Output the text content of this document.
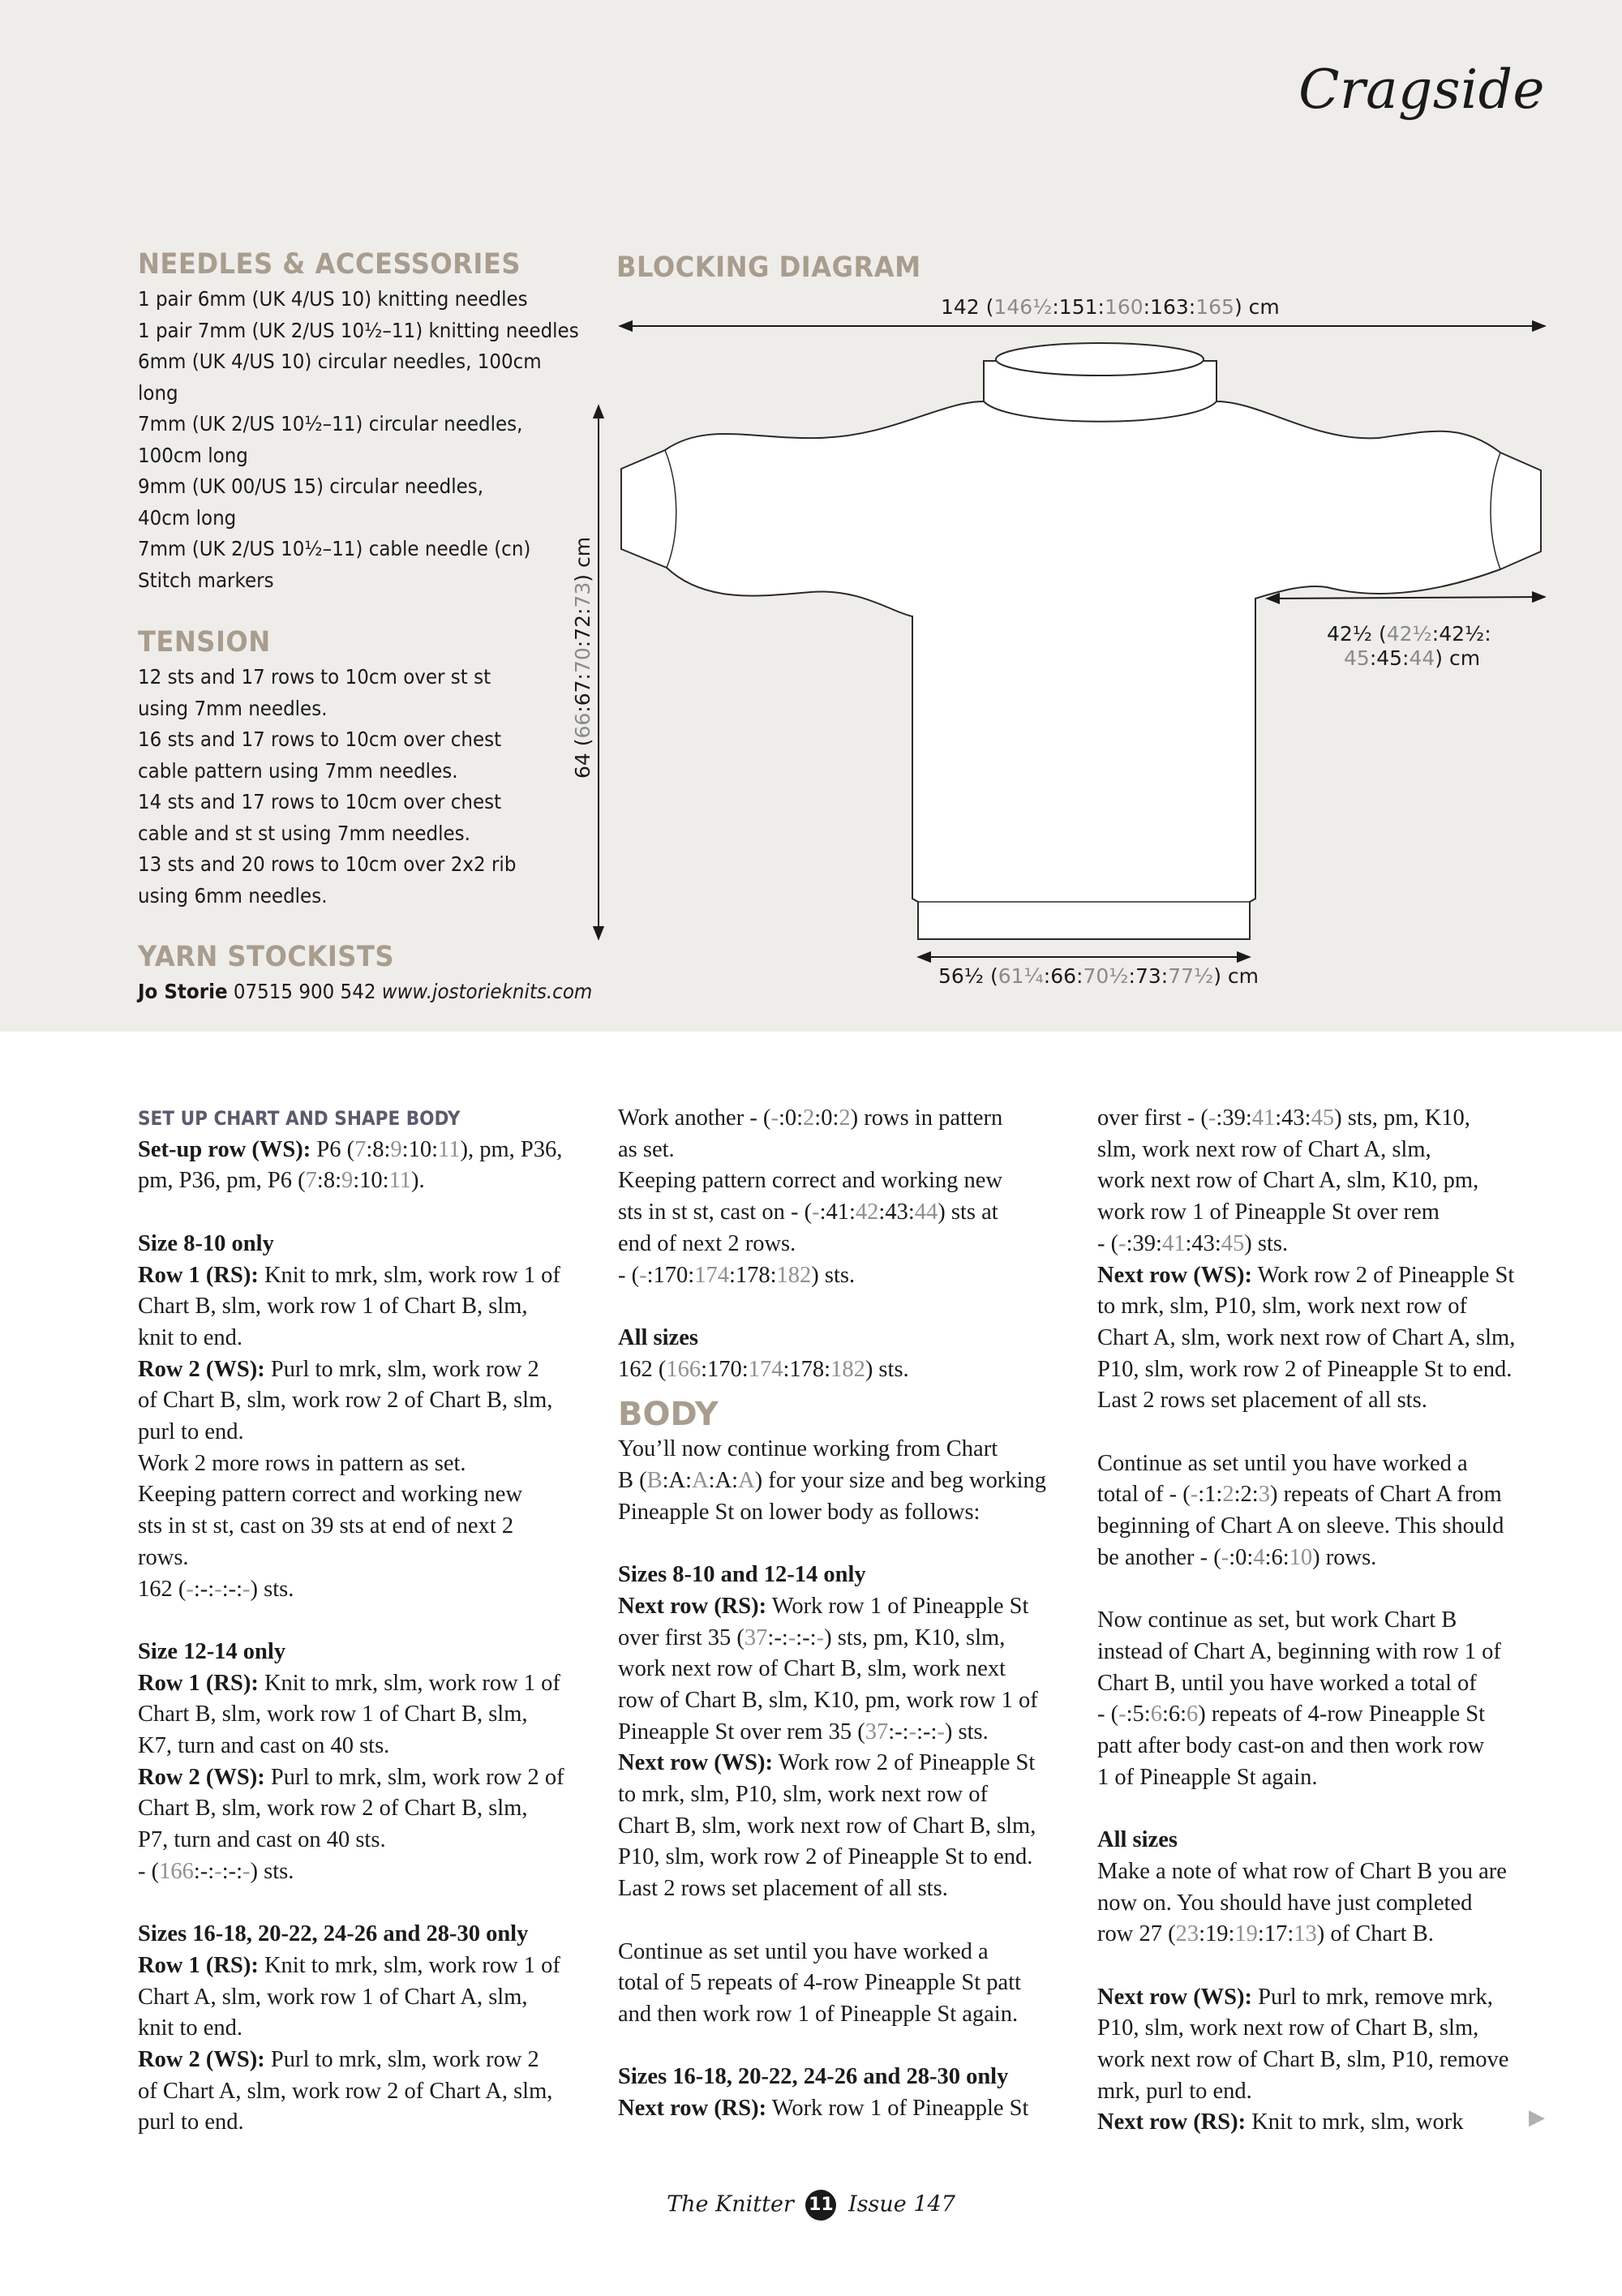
Cragside
NEEDLES & ACCESSORIES
1 pair 6mm (UK 4/US 10) knitting needles
1 pair 7mm (UK 2/US 10½–11) knitting needles
6mm (UK 4/US 10) circular needles, 100cm
long
7mm (UK 2/US 10½–11) circular needles,
100cm long
9mm (UK 00/US 15) circular needles,
40cm long
7mm (UK 2/US 10½–11) cable needle (cn)
Stitch markers
TENSION
12 sts and 17 rows to 10cm over st st
using 7mm needles.
16 sts and 17 rows to 10cm over chest
cable pattern using 7mm needles.
14 sts and 17 rows to 10cm over chest
cable and st st using 7mm needles.
13 sts and 20 rows to 10cm over 2x2 rib
using 6mm needles.
YARN STOCKISTS
Jo Storie 07515 900 542 www.jostorieknits.com
BLOCKING DIAGRAM
142 (146½:151:160:163:165) cm
64 (66:67:70:72:73) cm
42½ (42½:42½:
45:45:44) cm
56½ (61¼:66:70½:73:77½) cm
SET UP CHART AND SHAPE BODY

Set-up row (WS): P6 (7:8:9:10:11), pm, P36,
pm, P36, pm, P6 (7:8:9:10:11).

Size 8-10 only
Row 1 (RS): Knit to mrk, slm, work row 1 of
Chart B, slm, work row 1 of Chart B, slm,
knit to end.
Row 2 (WS): Purl to mrk, slm, work row 2
of Chart B, slm, work row 2 of Chart B, slm,
purl to end.
Work 2 more rows in pattern as set.
Keeping pattern correct and working new
sts in st st, cast on 39 sts at end of next 2
rows.
162 (-:-:-:-:-) sts.

Size 12-14 only
Row 1 (RS): Knit to mrk, slm, work row 1 of
Chart B, slm, work row 1 of Chart B, slm,
K7, turn and cast on 40 sts.
Row 2 (WS): Purl to mrk, slm, work row 2 of
Chart B, slm, work row 2 of Chart B, slm,
P7, turn and cast on 40 sts.
- (166:-:-:-:-) sts.

Sizes 16-18, 20-22, 24-26 and 28-30 only
Row 1 (RS): Knit to mrk, slm, work row 1 of
Chart A, slm, work row 1 of Chart A, slm,
knit to end.
Row 2 (WS): Purl to mrk, slm, work row 2
of Chart A, slm, work row 2 of Chart A, slm,
purl to end.

Work another - (-:0:2:0:2) rows in pattern
as set.
Keeping pattern correct and working new
sts in st st, cast on - (-:41:42:43:44) sts at
end of next 2 rows.
- (-:170:174:178:182) sts.

All sizes
162 (166:170:174:178:182) sts.

BODY

You’ll now continue working from Chart
B (B:A:A:A:A) for your size and beg working
Pineapple St on lower body as follows:

Sizes 8-10 and 12-14 only
Next row (RS): Work row 1 of Pineapple St
over first 35 (37:-:-:-:-) sts, pm, K10, slm,
work next row of Chart B, slm, work next
row of Chart B, slm, K10, pm, work row 1 of
Pineapple St over rem 35 (37:-:-:-:-) sts.
Next row (WS): Work row 2 of Pineapple St
to mrk, slm, P10, slm, work next row of
Chart B, slm, work next row of Chart B, slm,
P10, slm, work row 2 of Pineapple St to end.
Last 2 rows set placement of all sts.

Continue as set until you have worked a
total of 5 repeats of 4-row Pineapple St patt
and then work row 1 of Pineapple St again.

Sizes 16-18, 20-22, 24-26 and 28-30 only
Next row (RS): Work row 1 of Pineapple St

over first - (-:39:41:43:45) sts, pm, K10,
slm, work next row of Chart A, slm,
work next row of Chart A, slm, K10, pm,
work row 1 of Pineapple St over rem
- (-:39:41:43:45) sts.
Next row (WS): Work row 2 of Pineapple St
to mrk, slm, P10, slm, work next row of
Chart A, slm, work next row of Chart A, slm,
P10, slm, work row 2 of Pineapple St to end.
Last 2 rows set placement of all sts.

Continue as set until you have worked a
total of - (-:1:2:2:3) repeats of Chart A from
beginning of Chart A on sleeve. This should
be another - (-:0:4:6:10) rows.

Now continue as set, but work Chart B
instead of Chart A, beginning with row 1 of
Chart B, until you have worked a total of
- (-:5:6:6:6) repeats of 4-row Pineapple St
patt after body cast-on and then work row
1 of Pineapple St again.

All sizes
Make a note of what row of Chart B you are
now on. You should have just completed
row 27 (23:19:19:17:13) of Chart B.

Next row (WS): Purl to mrk, remove mrk,
P10, slm, work next row of Chart B, slm,
work next row of Chart B, slm, P10, remove
mrk, purl to end.
Next row (RS): Knit to mrk, slm, work	▶
The Knitter 11 Issue 147
